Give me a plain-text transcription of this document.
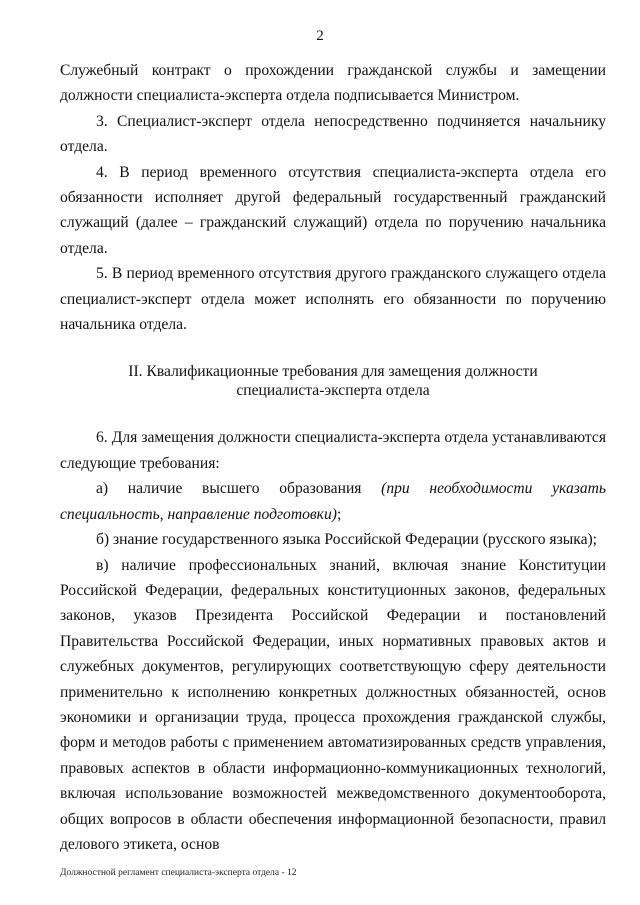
2

Служебный контракт о прохождении гражданской службы и замещении должности специалиста-эксперта отдела подписывается Министром.

3. Специалист-эксперт отдела непосредственно подчиняется начальнику отдела.

4. В период временного отсутствия специалиста-эксперта отдела его обязанности исполняет другой федеральный государственный гражданский служащий (далее – гражданский служащий) отдела по поручению начальника отдела.

5. В период временного отсутствия другого гражданского служащего отдела специалист-эксперт отдела может исполнять его обязанности по поручению начальника отдела.

II. Квалификационные требования для замещения должности
специалиста-эксперта отдела

6. Для замещения должности специалиста-эксперта отдела устанавливаются следующие требования:

а) наличие высшего образования (при необходимости указать специальность, направление подготовки);

б) знание государственного языка Российской Федерации (русского языка);

в) наличие профессиональных знаний, включая знание Конституции Российской Федерации, федеральных конституционных законов, федеральных законов, указов Президента Российской Федерации и постановлений Правительства Российской Федерации, иных нормативных правовых актов и служебных документов, регулирующих соответствующую сферу деятельности применительно к исполнению конкретных должностных обязанностей, основ экономики и организации труда, процесса прохождения гражданской службы, форм и методов работы с применением автоматизированных средств управления, правовых аспектов в области информационно-коммуникационных технологий, включая использование возможностей межведомственного документооборота, общих вопросов в области обеспечения информационной безопасности, правил делового этикета, основ

Должностной регламент специалиста-эксперта отдела - 12
